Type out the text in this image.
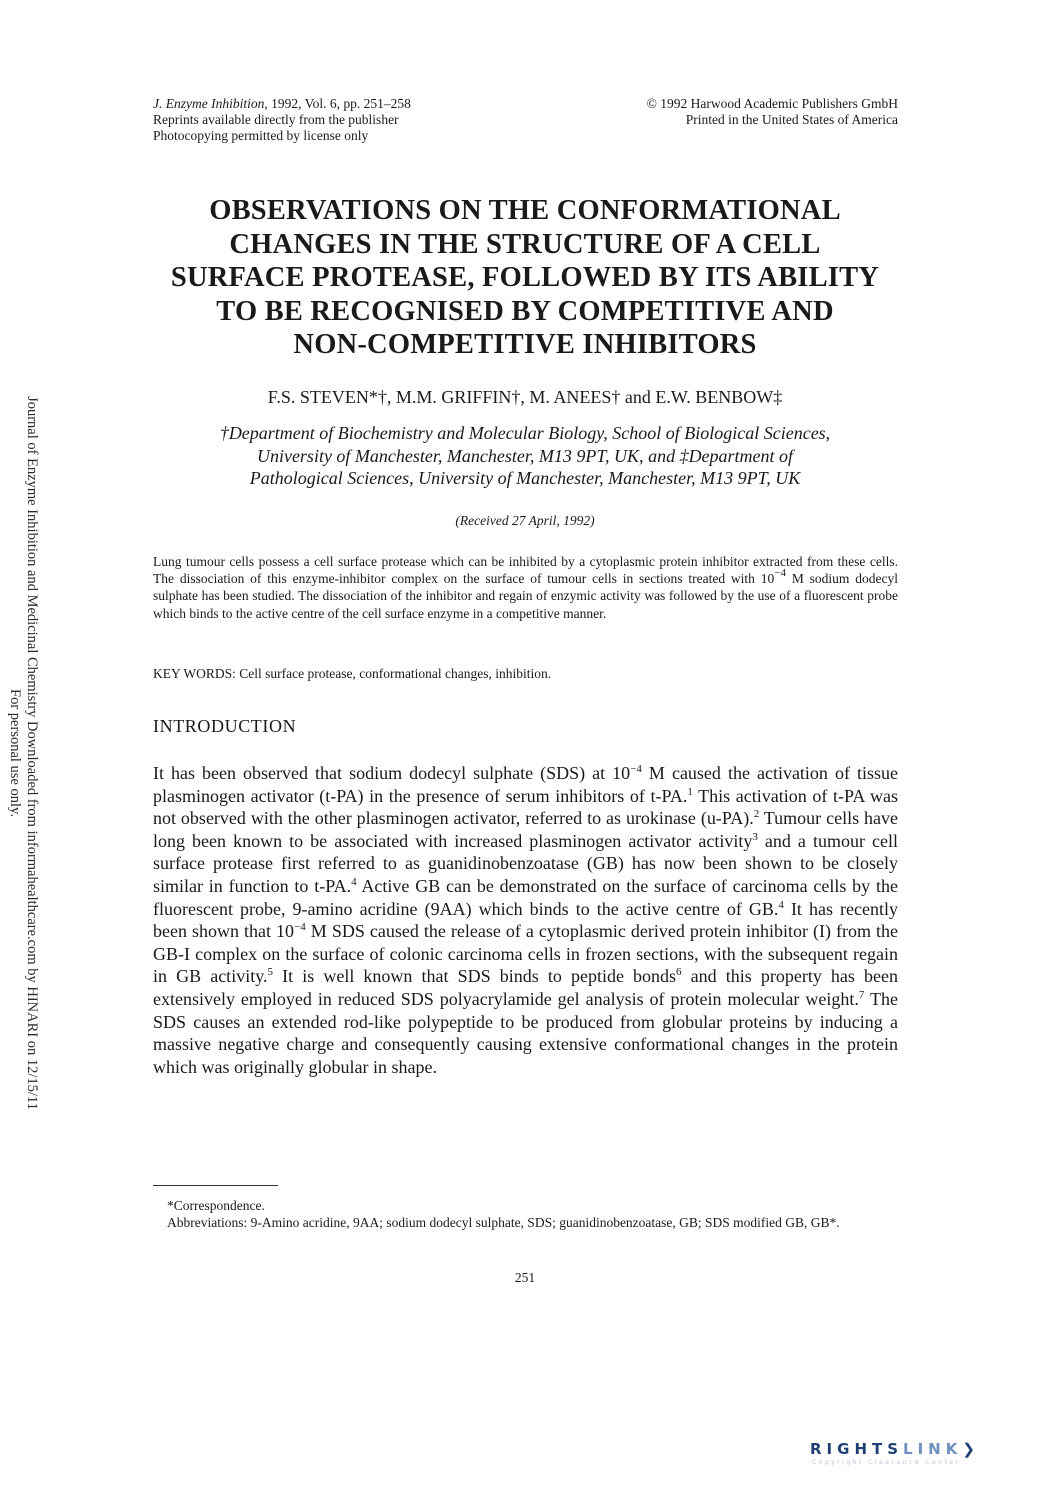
Journal of Enzyme Inhibition and Medicinal Chemistry Downloaded from informahealthcare.com by HINARI on 12/15/11
For personal use only.
J. Enzyme Inhibition, 1992, Vol. 6, pp. 251–258
Reprints available directly from the publisher
Photocopying permitted by license only
© 1992 Harwood Academic Publishers GmbH
Printed in the United States of America
OBSERVATIONS ON THE CONFORMATIONAL
CHANGES IN THE STRUCTURE OF A CELL
SURFACE PROTEASE, FOLLOWED BY ITS ABILITY
TO BE RECOGNISED BY COMPETITIVE AND
NON-COMPETITIVE INHIBITORS
F.S. STEVEN*†, M.M. GRIFFIN†, M. ANEES† and E.W. BENBOW‡
†Department of Biochemistry and Molecular Biology, School of Biological Sciences,
University of Manchester, Manchester, M13 9PT, UK, and ‡Department of
Pathological Sciences, University of Manchester, Manchester, M13 9PT, UK
(Received 27 April, 1992)
Lung tumour cells possess a cell surface protease which can be inhibited by a cytoplasmic protein inhibitor extracted from these cells. The dissociation of this enzyme-inhibitor complex on the surface of tumour cells in sections treated with $10^{-4}$ M sodium dodecyl sulphate has been studied. The dissociation of the inhibitor and regain of enzymic activity was followed by the use of a fluorescent probe which binds to the active centre of the cell surface enzyme in a competitive manner.
KEY WORDS: Cell surface protease, conformational changes, inhibition.
INTRODUCTION
It has been observed that sodium dodecyl sulphate (SDS) at $10^{-4}$ M caused the activation of tissue plasminogen activator (t-PA) in the presence of serum inhibitors of t-PA.$^1$ This activation of t-PA was not observed with the other plasminogen activator, referred to as urokinase (u-PA).$^2$ Tumour cells have long been known to be associated with increased plasminogen activator activity$^3$ and a tumour cell surface protease first referred to as guanidinobenzoatase (GB) has now been shown to be closely similar in function to t-PA.$^4$ Active GB can be demonstrated on the surface of carcinoma cells by the fluorescent probe, 9-amino acridine (9AA) which binds to the active centre of GB.$^4$ It has recently been shown that $10^{-4}$ M SDS caused the release of a cytoplasmic derived protein inhibitor (I) from the GB-I complex on the surface of colonic carcinoma cells in frozen sections, with the subsequent regain in GB activity.$^5$ It is well known that SDS binds to peptide bonds$^6$ and this property has been extensively employed in reduced SDS polyacrylamide gel analysis of protein molecular weight.$^7$ The SDS causes an extended rod-like polypeptide to be produced from globular proteins by inducing a massive negative charge and consequently causing extensive conformational changes in the protein which was originally globular in shape.
*Correspondence.
Abbreviations: 9-Amino acridine, 9AA; sodium dodecyl sulphate, SDS; guanidinobenzoatase, GB; SDS modified GB, GB*.
251
RIGHTSLINK❯
Copyright Clearance Center
